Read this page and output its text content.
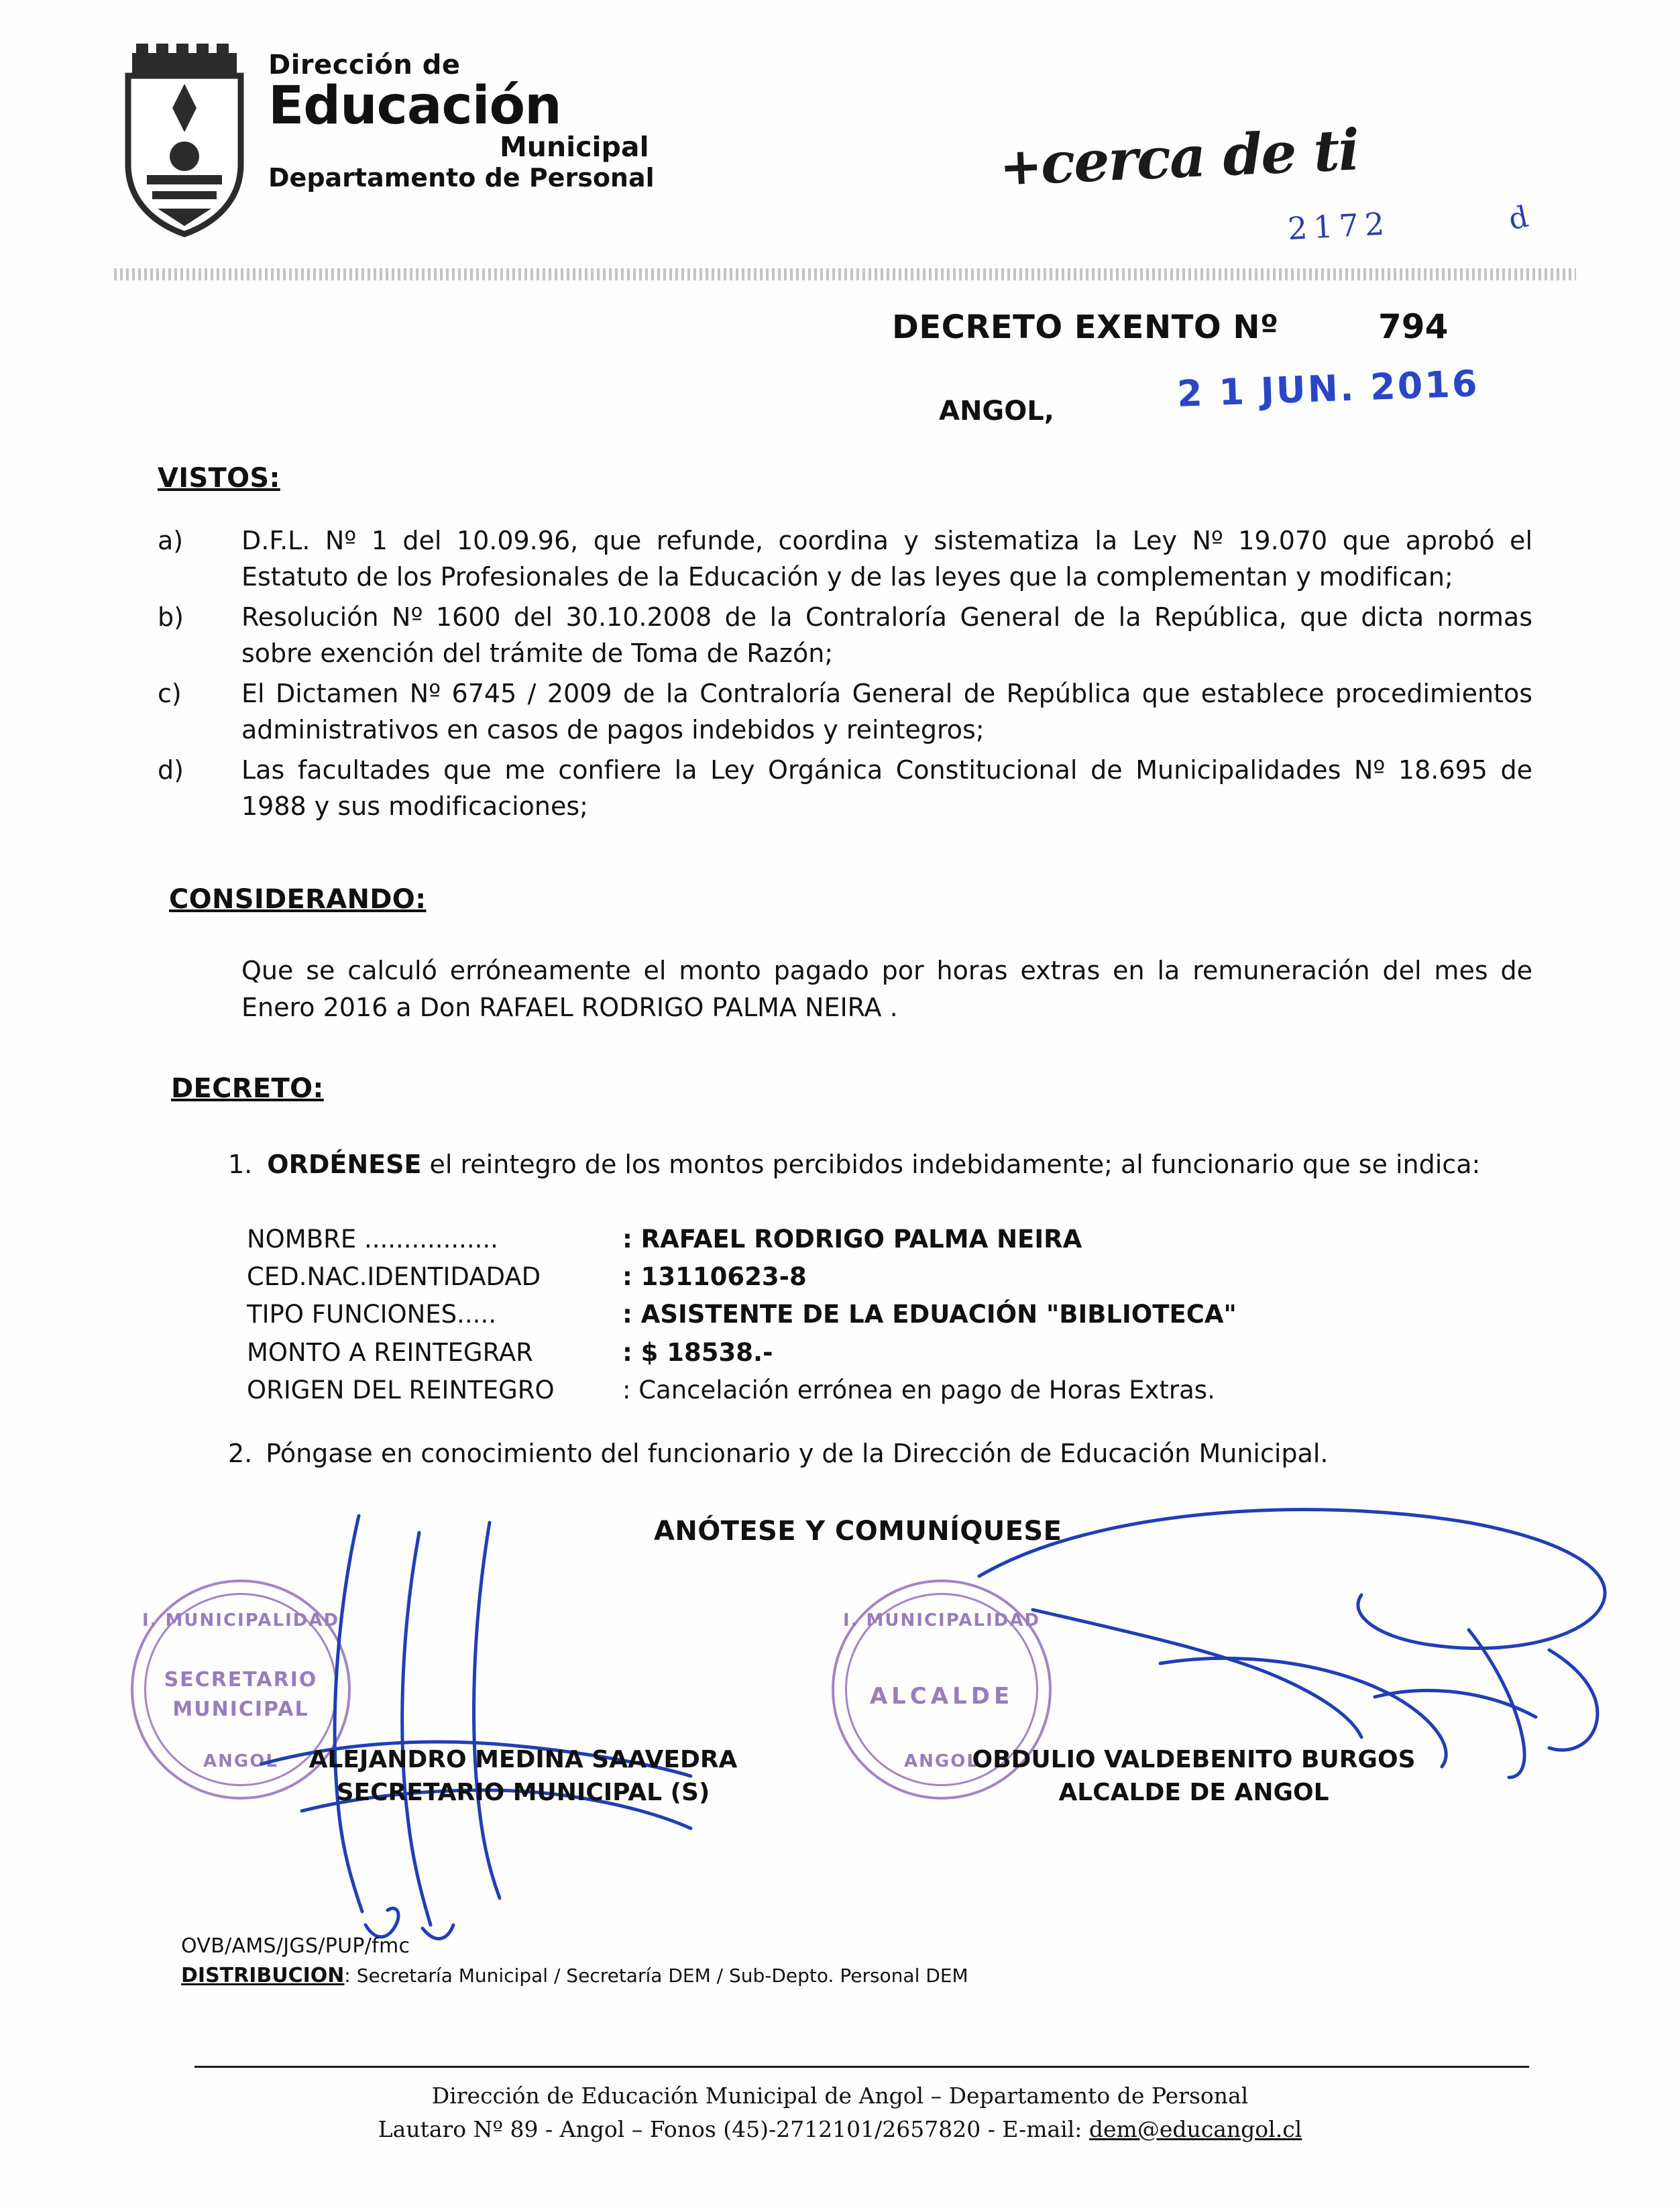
Dirección de
Educación
Municipal
Departamento de Personal	+cerca de ti
2172	d
DECRETO EXENTO Nº	794
ANGOL,	2 1 JUN. 2016
VISTOS:
a)	D.F.L. Nº 1 del 10.09.96, que refunde, coordina y sistematiza la Ley Nº 19.070 que aprobó el Estatuto de los Profesionales de la Educación y de las leyes que la complementan y modifican;
b)	Resolución Nº 1600 del 30.10.2008 de la Contraloría General de la República, que dicta normas sobre exención del trámite de Toma de Razón;
c)	El Dictamen Nº 6745 / 2009 de la Contraloría General de República que establece procedimientos administrativos en casos de pagos indebidos y reintegros;
d)	Las facultades que me confiere la Ley Orgánica Constitucional de Municipalidades Nº 18.695 de 1988 y sus modificaciones;
CONSIDERANDO:
Que se calculó erróneamente el monto pagado por horas extras en la remuneración del mes de Enero 2016 a Don RAFAEL RODRIGO PALMA NEIRA .
DECRETO:
1. ORDÉNESE el reintegro de los montos percibidos indebidamente; al funcionario que se indica:
NOMBRE .................	: RAFAEL RODRIGO PALMA NEIRA
CED.NAC.IDENTIDADAD	: 13110623-8
TIPO FUNCIONES.....	: ASISTENTE DE LA EDUACIÓN "BIBLIOTECA"
MONTO A REINTEGRAR	: $ 18538.-
ORIGEN DEL REINTEGRO	: Cancelación errónea en pago de Horas Extras.
2. Póngase en conocimiento del funcionario y de la Dirección de Educación Municipal.
ANÓTESE Y COMUNÍQUESE
I. MUNICIPALIDAD
SECRETARIO
MUNICIPAL
ANGOL
I. MUNICIPALIDAD
ALCALDE
ANGOL
ALEJANDRO MEDINA SAAVEDRA
SECRETARIO MUNICIPAL (S)
OBDULIO VALDEBENITO BURGOS
ALCALDE DE ANGOL
OVB/AMS/JGS/PUP/fmc
DISTRIBUCION: Secretaría Municipal / Secretaría DEM / Sub-Depto. Personal DEM
Dirección de Educación Municipal de Angol – Departamento de Personal
Lautaro Nº 89 - Angol – Fonos (45)-2712101/2657820 - E-mail: dem@educangol.cl
